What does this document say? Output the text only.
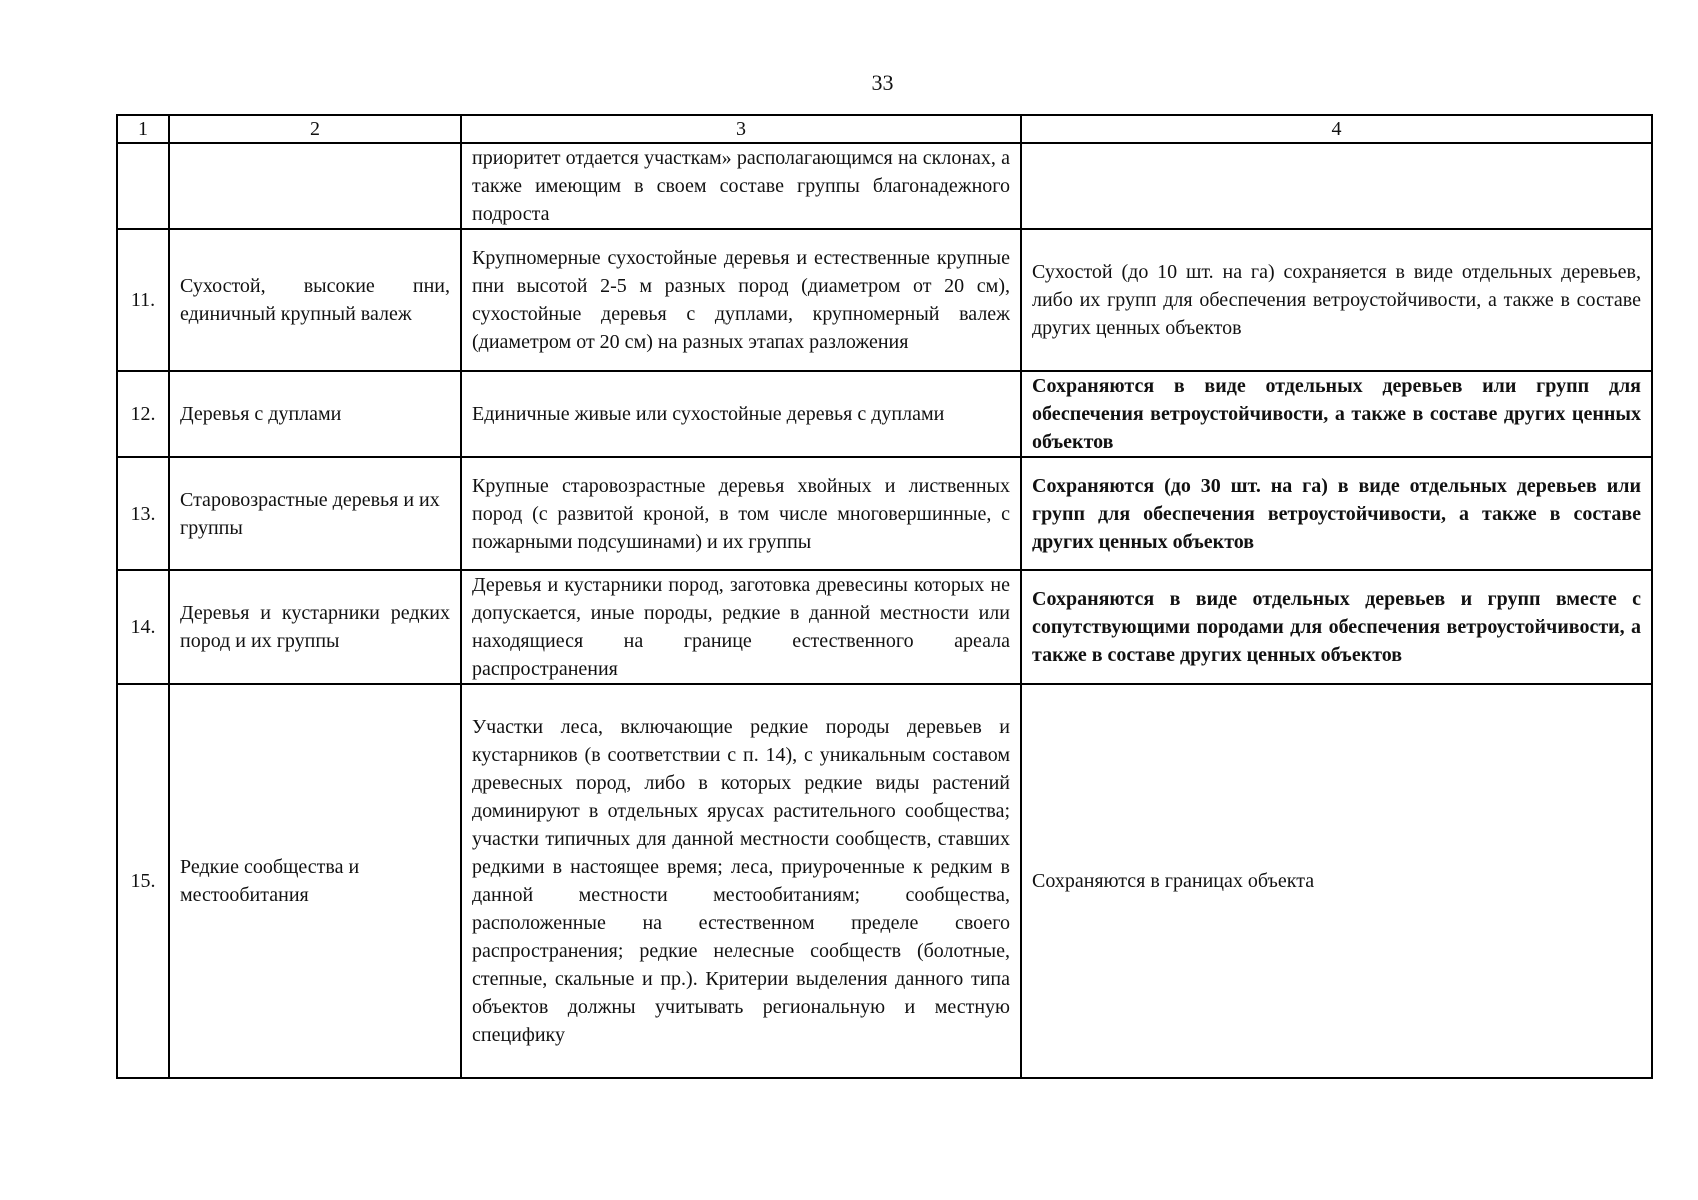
33
1	2	3	4
		приоритет отдается участкам» располагающимся на склонах, а также имеющим в своем составе группы благонадежного подроста	
11.	Сухостой, высокие пни, единичный крупный валеж	Крупномерные сухостойные деревья и естественные крупные пни высотой 2-5 м разных пород (диаметром от 20 см), сухостойные деревья с дуплами, крупномерный валеж (диаметром от 20 см) на разных этапах разложения	Сухостой (до 10 шт. на га) сохраняется в виде отдельных деревьев, либо их групп для обеспечения ветроустойчивости, а также в составе других ценных объектов
12.	Деревья с дуплами	Единичные живые или сухостойные деревья с дуплами	Сохраняются в виде отдельных деревьев или групп для обеспечения ветроустойчивости, а также в составе других ценных объектов
13.	Старовозрастные деревья и их группы	Крупные старовозрастные деревья хвойных и лиственных пород (с развитой кроной, в том числе многовершинные, с пожарными подсушинами) и их группы	Сохраняются (до 30 шт. на га) в виде отдельных деревьев или групп для обеспечения ветроустойчивости, а также в составе других ценных объектов
14.	Деревья и кустарники редких пород и их группы	Деревья и кустарники пород, заготовка древесины которых не допускается, иные породы, редкие в данной местности или находящиеся на границе естественного ареала распространения	Сохраняются в виде отдельных деревьев и групп вместе с сопутствующими породами для обеспечения ветроустойчивости, а также в составе других ценных объектов
15.	Редкие сообщества и местообитания	Участки леса, включающие редкие породы деревьев и кустарников (в соответствии с п. 14), с уникальным составом древесных пород, либо в которых редкие виды растений доминируют в отдельных ярусах растительного сообщества; участки типичных для данной местности сообществ, ставших редкими в настоящее время; леса, приуроченные к редким в данной местности местообитаниям; сообщества, расположенные на естественном пределе своего распространения; редкие нелесные сообществ (болотные, степные, скальные и пр.). Критерии выделения данного типа объектов должны учитывать региональную и местную специфику	Сохраняются в границах объекта
